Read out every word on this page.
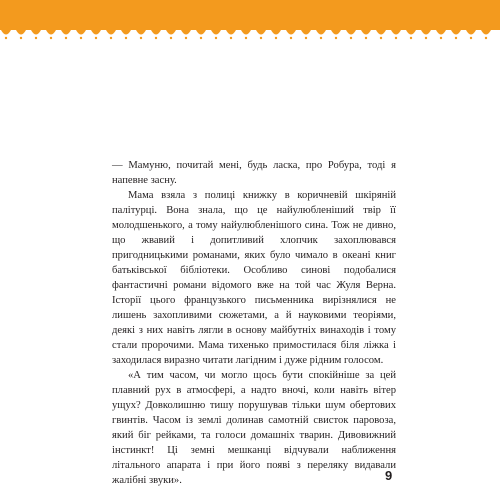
— Мамуню, почитай мені, будь ласка, про Робура, тоді я напевне засну.

Мама взяла з полиці книжку в коричневій шкіряній палітурці. Вона знала, що це найулюбленіший твір її молодшенького, а тому найулюбленішого сина. Тож не дивно, що жвавий і допитливий хлопчик захоплювався пригодницькими романами, яких було чимало в океані книг батьківської бібліотеки. Особливо синові подобалися фантастичні романи відомого вже на той час Жуля Верна. Історії цього французького письменника вирізнялися не лишень захопливими сюжетами, а й науковими теоріями, деякі з них навіть лягли в основу майбутніх винаходів і тому стали пророчими. Мама тихенько примостилася біля ліжка і заходилася виразно читати лагідним і дуже рідним голосом.

«А тим часом, чи могло щось бути спокійніше за цей плавний рух в атмосфері, а надто вночі, коли навіть вітер ущух? Довколишню тишу порушував тільки шум обертових гвинтів. Часом із землі долинав самотній свисток паровоза, який біг рейками, та голоси домашніх тварин. Дивовижний інстинкт! Ці земні мешканці відчували наближення літального апарата і при його появі з переляку видавали жалібні звуки».	9
